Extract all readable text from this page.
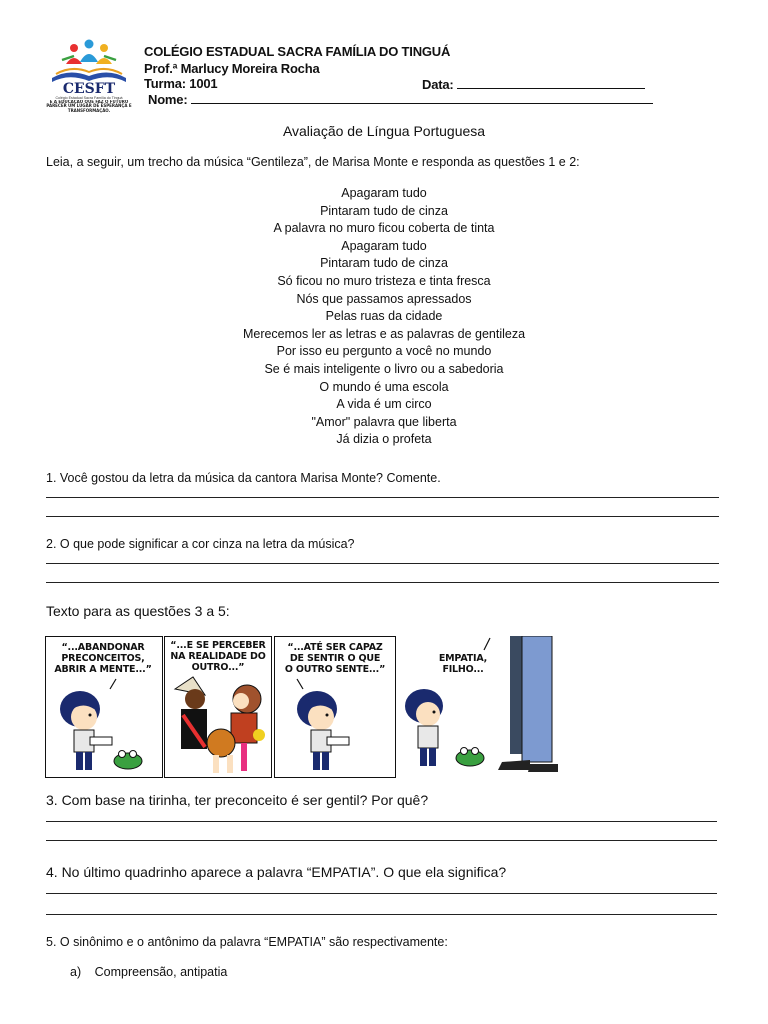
CESFT
Colégio Estadual Sacra Família do Tinguá
E A EDUCAÇÃO QUE FAZ O FUTURO PARECER UM LUGAR DE ESPERANÇA E TRANSFORMAÇÃO.
COLÉGIO ESTADUAL SACRA FAMÍLIA DO TINGUÁ
Prof.ª Marlucy Moreira Rocha
Turma: 1001	Data:
Nome:
Avaliação de Língua Portuguesa
Leia, a seguir, um trecho da música “Gentileza”, de Marisa Monte e responda as questões 1 e 2:
Apagaram tudo
Pintaram tudo de cinza
A palavra no muro ficou coberta de tinta
Apagaram tudo
Pintaram tudo de cinza
Só ficou no muro tristeza e tinta fresca
Nós que passamos apressados
Pelas ruas da cidade
Merecemos ler as letras e as palavras de gentileza
Por isso eu pergunto a você no mundo
Se é mais inteligente o livro ou a sabedoria
O mundo é uma escola
A vida é um circo
"Amor" palavra que liberta
Já dizia o profeta
1. Você gostou da letra da música da cantora Marisa Monte? Comente.
2. O que pode significar a cor cinza na letra da música?
Texto para as questões 3 a 5:
“...ABANDONAR
PRECONCEITOS,
ABRIR A MENTE...”
“...E SE PERCEBER
NA REALIDADE DO
OUTRO...”
“...ATÉ SER CAPAZ
DE SENTIR O QUE
O OUTRO SENTE...”
EMPATIA,
FILHO...
3. Com base na tirinha, ter preconceito é ser gentil? Por quê?
4. No último quadrinho aparece a palavra “EMPATIA”. O que ela significa?
5. O sinônimo e o antônimo da palavra “EMPATIA” são respectivamente:
a) Compreensão, antipatia
